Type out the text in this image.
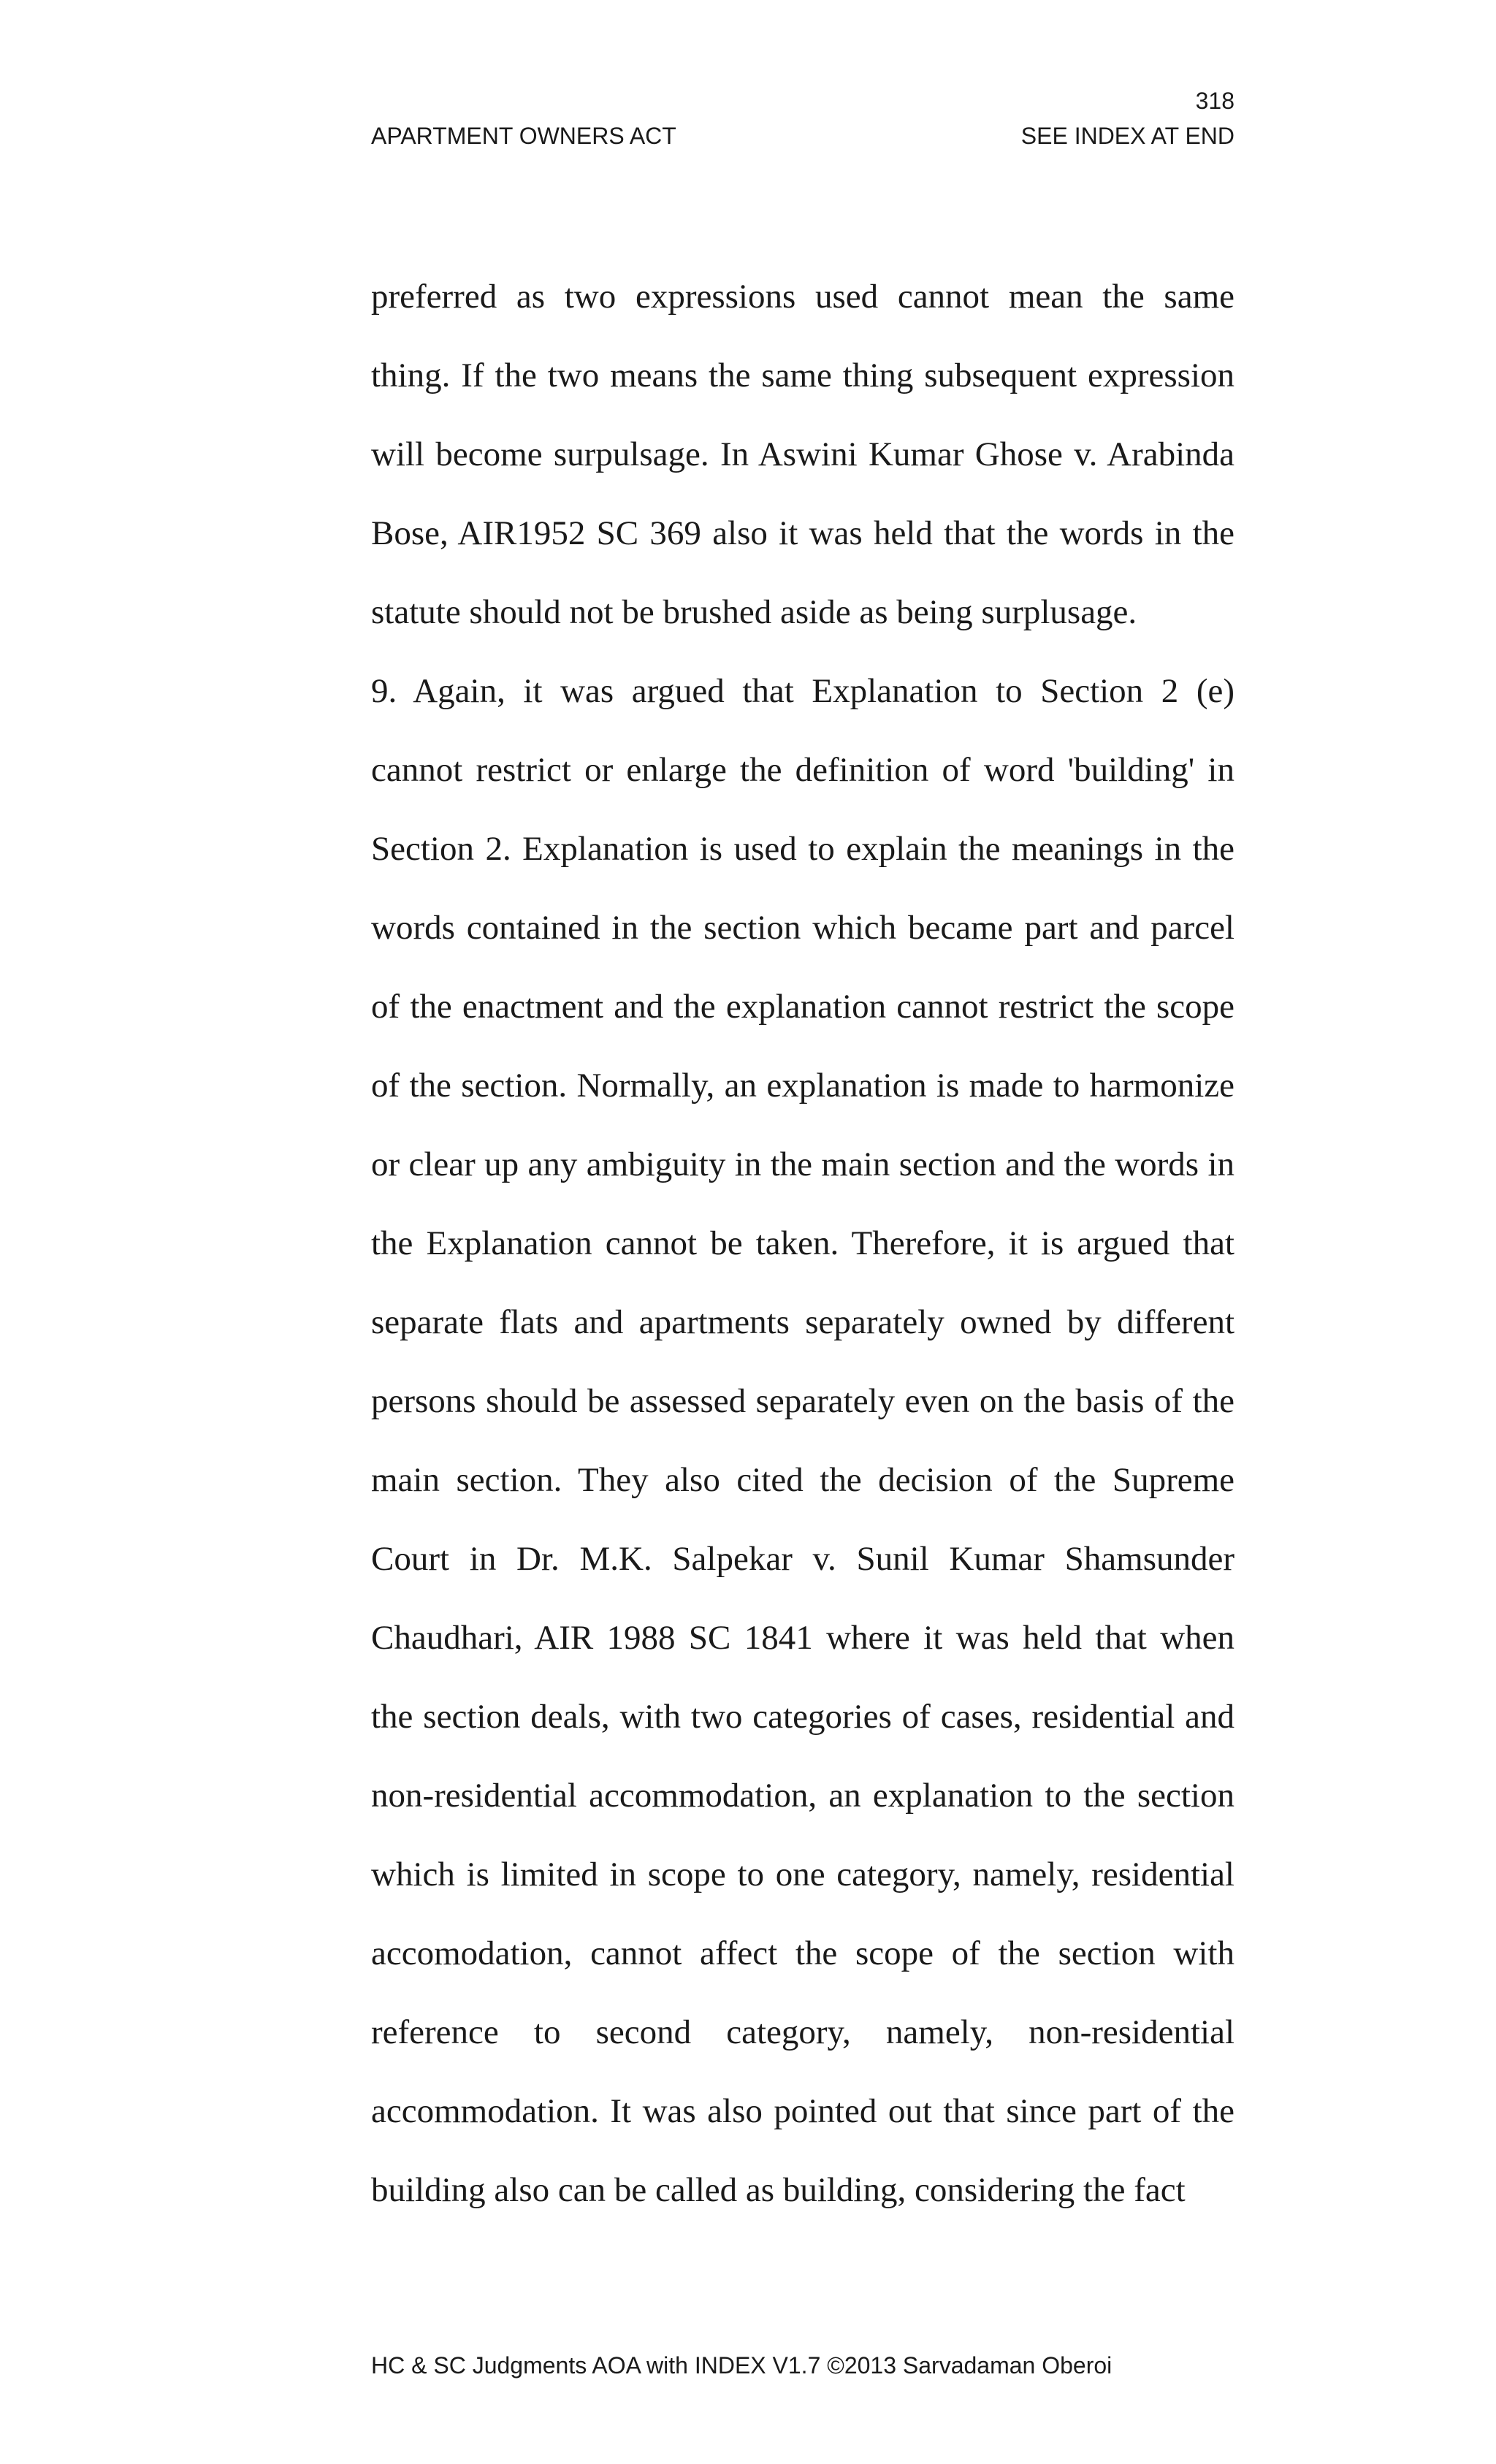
318
APARTMENT OWNERS ACT	SEE INDEX AT END

preferred as two expressions used cannot mean the same thing. If the two means the same thing subsequent expression will become surpulsage. In Aswini Kumar Ghose v. Arabinda Bose, AIR1952 SC 369 also it was held that the words in the statute should not be brushed aside as being surplusage.

9. Again, it was argued that Explanation to Section 2 (e) cannot restrict or enlarge the definition of word 'building' in Section 2. Explanation is used to explain the meanings in the words contained in the section which became part and parcel of the enactment and the explanation cannot restrict the scope of the section. Normally, an explanation is made to harmonize or clear up any ambiguity in the main section and the words in the Explanation cannot be taken. Therefore, it is argued that separate flats and apartments separately owned by different persons should be assessed separately even on the basis of the main section. They also cited the decision of the Supreme Court in Dr. M.K. Salpekar v. Sunil Kumar Shamsunder Chaudhari, AIR 1988 SC 1841 where it was held that when the section deals, with two categories of cases, residential and non-residential accommodation, an explanation to the section which is limited in scope to one category, namely, residential accomodation, cannot affect the scope of the section with reference to second category, namely, non-residential accommodation. It was also pointed out that since part of the building also can be called as building, considering the fact

HC & SC Judgments AOA with INDEX V1.7 ©2013 Sarvadaman Oberoi
